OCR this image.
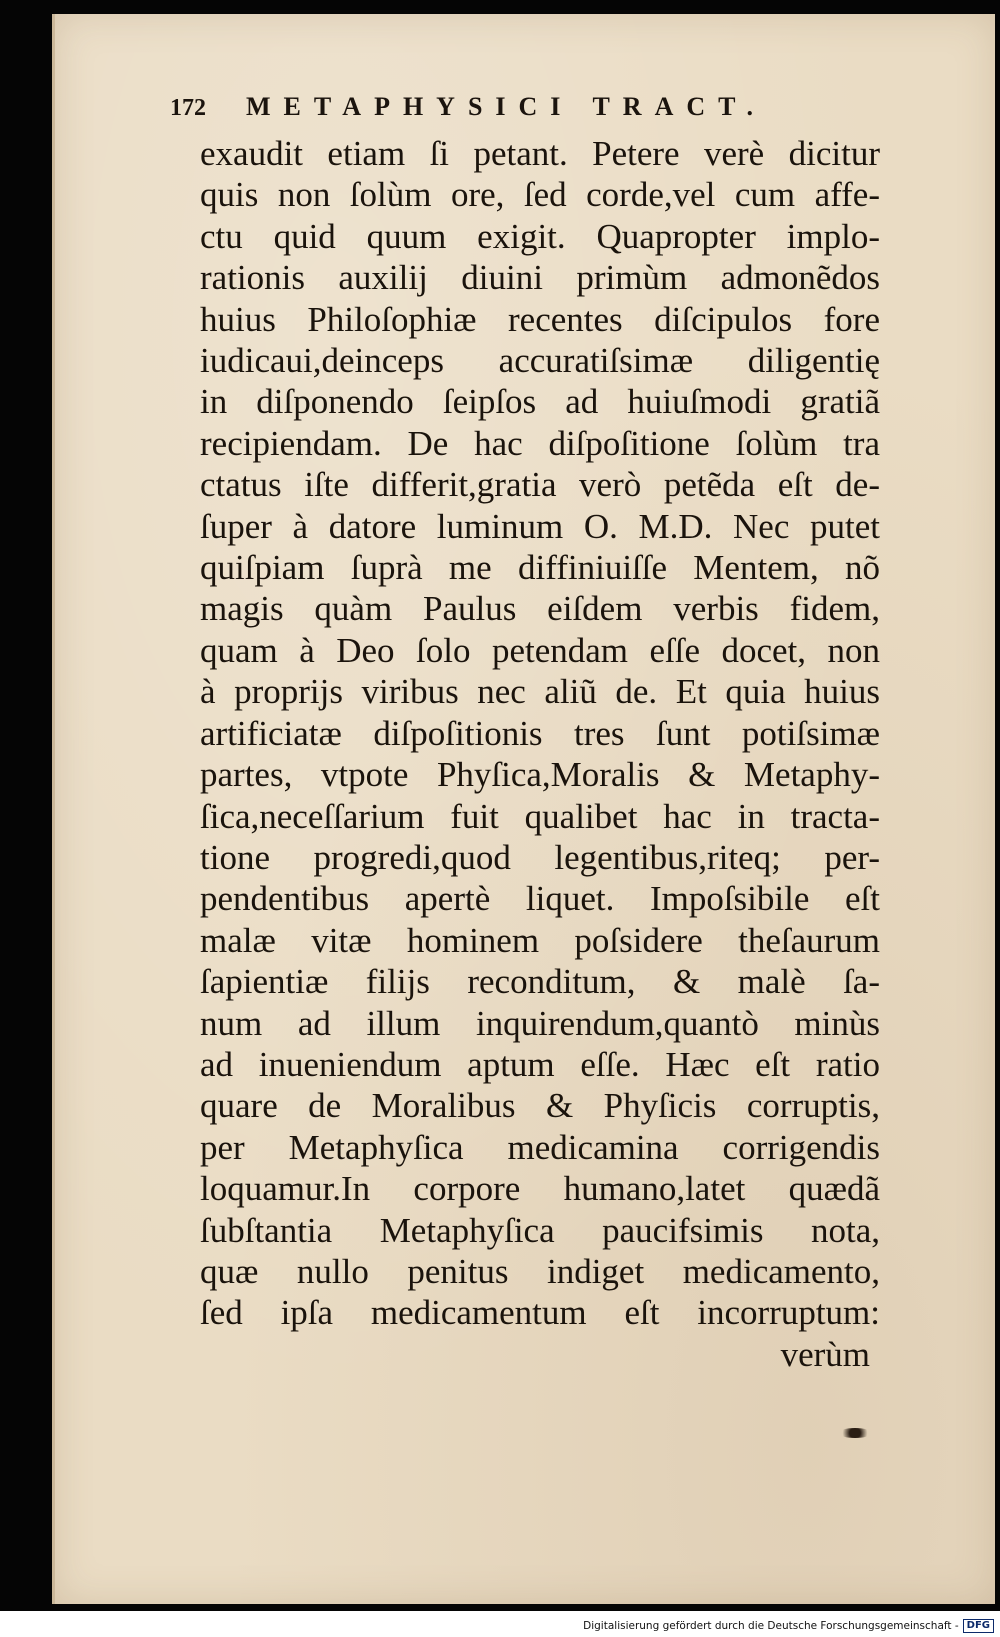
172 METAPHYSICI TRACT.
exaudit etiam ſi petant. Petere verè dicitur
quis non ſolùm ore, ſed corde,vel cum affe-
ctu quid quum exigit. Quapropter implo-
rationis auxilij diuini primùm admonẽdos
huius Philoſophiæ recentes diſcipulos fore
iudicaui,deinceps accuratiſsimæ diligentię
in diſponendo ſeipſos ad huiuſmodi gratiã
recipiendam. De hac diſpoſitione ſolùm tra
ctatus iſte differit,gratia verò petẽda eſt de-
ſuper à datore luminum O. M.D. Nec putet
quiſpiam ſuprà me diffiniuiſſe Mentem, nõ
magis quàm Paulus eiſdem verbis fidem,
quam à Deo ſolo petendam eſſe docet, non
à proprijs viribus nec aliũ de. Et quia huius
artificiatæ diſpoſitionis tres ſunt potiſsimæ
partes, vtpote Phyſica,Moralis & Metaphy-
ſica,neceſſarium fuit qualibet hac in tracta-
tione progredi,quod legentibus,riteq; per-
pendentibus apertè liquet. Impoſsibile eſt
malæ vitæ hominem poſsidere theſaurum
ſapientiæ filijs reconditum, & malè ſa-
num ad illum inquirendum,quantò minùs
ad inueniendum aptum eſſe. Hæc eſt ratio
quare de Moralibus & Phyſicis corruptis,
per Metaphyſica medicamina corrigendis
loquamur.In corpore humano,latet quædã
ſubſtantia Metaphyſica paucifsimis nota,
quæ nullo penitus indiget medicamento,
ſed ipſa medicamentum eſt incorruptum:
verùm
Digitalisierung gefördert durch die Deutsche Forschungsgemeinschaft - DFG
